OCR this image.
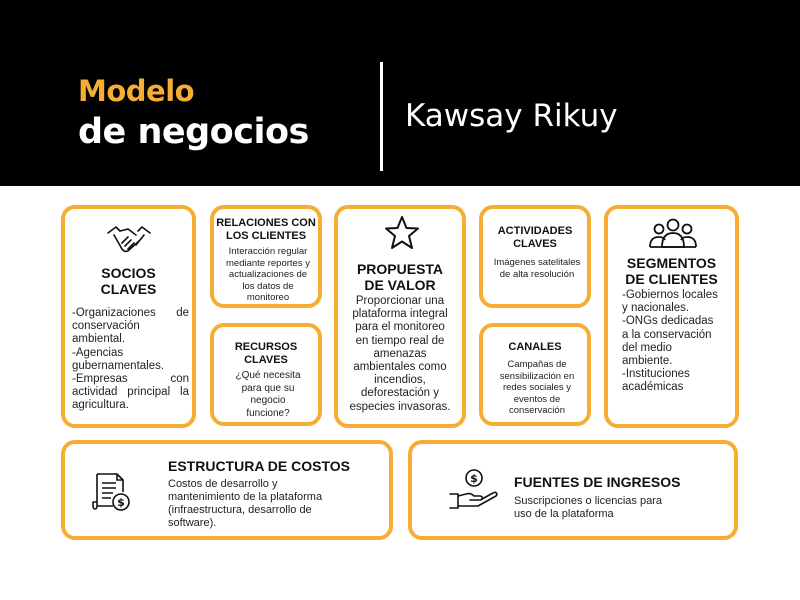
Modelo
de negocios	Kawsay Rikuy
SOCIOS
CLAVES
-Organizaciones de conservación ambiental.
-Agencias gubernamentales.
-Empresas con actividad principal la agricultura.
RELACIONES CON
LOS CLIENTES
Interacción regular mediante reportes y actualizaciones de los datos de monitoreo
RECURSOS
CLAVES
¿Qué necesita para que su negocio funcione?
PROPUESTA
DE VALOR
Proporcionar una plataforma integral para el monitoreo en tiempo real de amenazas ambientales como incendios, deforestación y especies invasoras.
ACTIVIDADES
CLAVES
Imágenes satelitales de alta resolución
CANALES
Campañas de sensibilización en redes sociales y eventos de conservación
SEGMENTOS
DE CLIENTES
-Gobiernos locales y nacionales.
-ONGs dedicadas a la conservación del medio ambiente.
-Instituciones académicas
$
ESTRUCTURA DE COSTOS
Costos de desarrollo y mantenimiento de la plataforma (infraestructura, desarrollo de software).
$	FUENTES DE INGRESOS
Suscripciones o licencias para uso de la plataforma
